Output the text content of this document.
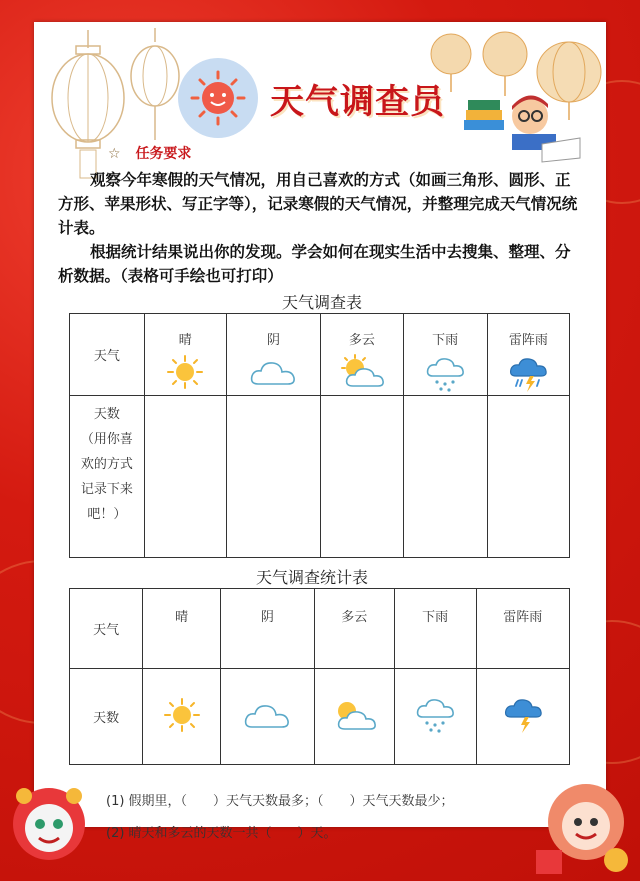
天气调查员
☆ 任务要求
观察今年寒假的天气情况，用自己喜欢的方式（如画三角形、圆形、正方形、苹果形状、写正字等），记录寒假的天气情况，并整理完成天气情况统计表。
根据统计结果说出你的发现。学会如何在现实生活中去搜集、整理、分析数据。（表格可手绘也可打印）
天气调查表
天气	晴	阴	多云	下雨	雷阵雨

天数
（用你喜
欢的方式
记录下来
吧！）					

天气调查统计表
天气	晴	阴	多云	下雨	雷阵雨

天数					
(1) 假期里，（　　）天气天数最多；（　　）天气天数最少；
(2) 晴天和多云的天数一共（　　）天。
